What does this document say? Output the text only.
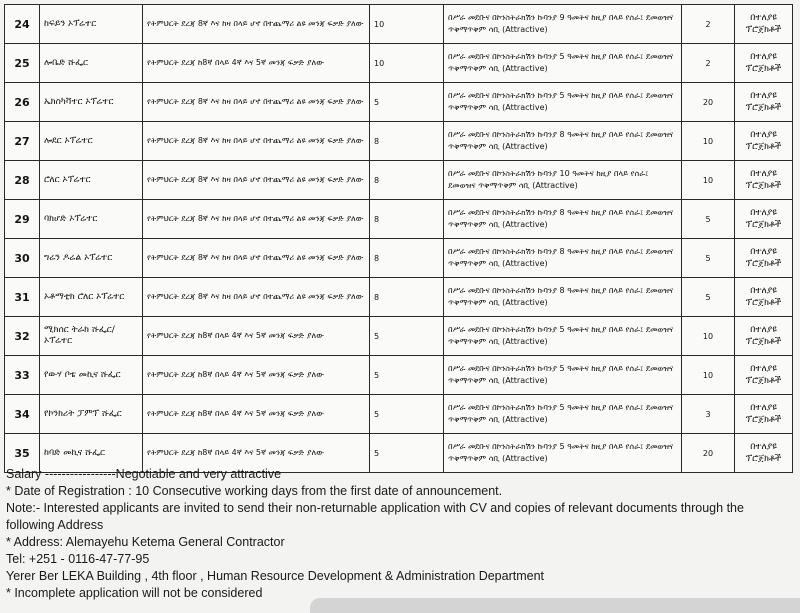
24	ከፍይን ኦፕሬተር	የትምህርት ደረጃ 8ኛ እና ከዛ በላይ ሆኖ በተጨማሪ ልዩ መንጃ ፍቃድ ያለው	10	በሥራ መደቡና በኮንስትራክሽን ኩባንያ 9 ዓመትና ከዚያ በላይ የሰራ፤ ደመወዝና ጥቅማጥቅም ሳቢ (Attractive)	2	በተለያዩ ፕሮጀክቶች
25	ሎቤድ ሹፌር	የትምህርት ደረጃ ከ8ኛ በላይ 4ኛ እና 5ኛ መንጃ ፍቃድ ያለው	10	በሥራ መደቡና በኮንስትራክሽን ኩባንያ 5 ዓመትና ከዚያ በላይ የሰራ፤ ደመወዝና ጥቅማጥቅም ሳቢ (Attractive)	2	በተለያዩ ፕሮጀክቶች
26	ኤክስካቫተር ኦፕሬተር	የትምህርት ደረጃ 8ኛ እና ከዛ በላይ ሆኖ በተጨማሪ ልዩ መንጃ ፍቃድ ያለው	5	በሥራ መደቡና በኮንስትራክሽን ኩባንያ 5 ዓመትና ከዚያ በላይ የሰራ፤ ደመወዝና ጥቅማጥቅም ሳቢ (Attractive)	20	በተለያዩ ፕሮጀክቶች
27	ሎደር ኦፕሬተር	የትምህርት ደረጃ 8ኛ እና ከዛ በላይ ሆኖ በተጨማሪ ልዩ መንጃ ፍቃድ ያለው	8	በሥራ መደቡና በኮንስትራክሽን ኩባንያ 8 ዓመትና ከዚያ በላይ የሰራ፤ ደመወዝና ጥቅማጥቅም ሳቢ (Attractive)	10	በተለያዩ ፕሮጀክቶች
28	ሮለር ኦፕሬተር	የትምህርት ደረጃ 8ኛ እና ከዛ በላይ ሆኖ በተጨማሪ ልዩ መንጃ ፍቃድ ያለው	8	በሥራ መደቡና በኮንስትራክሽን ኩባንያ 10 ዓመትና ከዚያ በላይ የሰራ፤ ደመወዝና ጥቅማጥቅም ሳቢ (Attractive)	10	በተለያዩ ፕሮጀክቶች
29	ባክሆድ ኦፕሬተር	የትምህርት ደረጃ 8ኛ እና ከዛ በላይ ሆኖ በተጨማሪ ልዩ መንጃ ፍቃድ ያለው	8	በሥራ መደቡና በኮንስትራክሽን ኩባንያ 8 ዓመትና ከዚያ በላይ የሰራ፤ ደመወዝና ጥቅማጥቅም ሳቢ (Attractive)	5	በተለያዩ ፕሮጀክቶች
30	ግሬን ዶሬል ኦፕሬተር	የትምህርት ደረጃ 8ኛ እና ከዛ በላይ ሆኖ በተጨማሪ ልዩ መንጃ ፍቃድ ያለው	8	በሥራ መደቡና በኮንስትራክሽን ኩባንያ 8 ዓመትና ከዚያ በላይ የሰራ፤ ደመወዝና ጥቅማጥቅም ሳቢ (Attractive)	5	በተለያዩ ፕሮጀክቶች
31	ኦቶማቲክ ሮለር ኦፕሬተር	የትምህርት ደረጃ 8ኛ እና ከዛ በላይ ሆኖ በተጨማሪ ልዩ መንጃ ፍቃድ ያለው	8	በሥራ መደቡና በኮንስትራክሽን ኩባንያ 8 ዓመትና ከዚያ በላይ የሰራ፤ ደመወዝና ጥቅማጥቅም ሳቢ (Attractive)	5	በተለያዩ ፕሮጀክቶች
32	ሚክሰር ትራክ ሹፌር/ኦፕሬተር	የትምህርት ደረጃ ከ8ኛ በላይ 4ኛ እና 5ኛ መንጃ ፍቃድ ያለው	5	በሥራ መደቡና በኮንስትራክሽን ኩባንያ 5 ዓመትና ከዚያ በላይ የሰራ፤ ደመወዝና ጥቅማጥቅም ሳቢ (Attractive)	10	በተለያዩ ፕሮጀክቶች
33	የውሃ ቦቴ መኪና ሹፌር	የትምህርት ደረጃ ከ8ኛ በላይ 4ኛ እና 5ኛ መንጃ ፍቃድ ያለው	5	በሥራ መደቡና በኮንስትራክሽን ኩባንያ 5 ዓመትና ከዚያ በላይ የሰራ፤ ደመወዝና ጥቅማጥቅም ሳቢ (Attractive)	10	በተለያዩ ፕሮጀክቶች
34	የኮንክሪት ፓምፕ ሹፌር	የትምህርት ደረጃ ከ8ኛ በላይ 4ኛ እና 5ኛ መንጃ ፍቃድ ያለው	5	በሥራ መደቡና በኮንስትራክሽን ኩባንያ 5 ዓመትና ከዚያ በላይ የሰራ፤ ደመወዝና ጥቅማጥቅም ሳቢ (Attractive)	3	በተለያዩ ፕሮጀክቶች
35	ከባድ መኪና ሹፌር	የትምህርት ደረጃ ከ8ኛ በላይ 4ኛ እና 5ኛ መንጃ ፍቃድ ያለው	5	በሥራ መደቡና በኮንስትራክሽን ኩባንያ 5 ዓመትና ከዚያ በላይ የሰራ፤ ደመወዝና ጥቅማጥቅም ሳቢ (Attractive)	20	በተለያዩ ፕሮጀክቶች
Salary -----------------Negotiable and very attractive
* Date of Registration : 10 Consecutive working days from the first date of announcement.
Note:- Interested applicants are invited to send their non-returnable application with CV and copies of relevant documents through the following Address
* Address: Alemayehu Ketema General Contractor
Tel: +251 - 0116-47-77-95
Yerer Ber LEKA Building , 4th floor , Human Resource Development & Administration Department
* Incomplete application will not be considered
